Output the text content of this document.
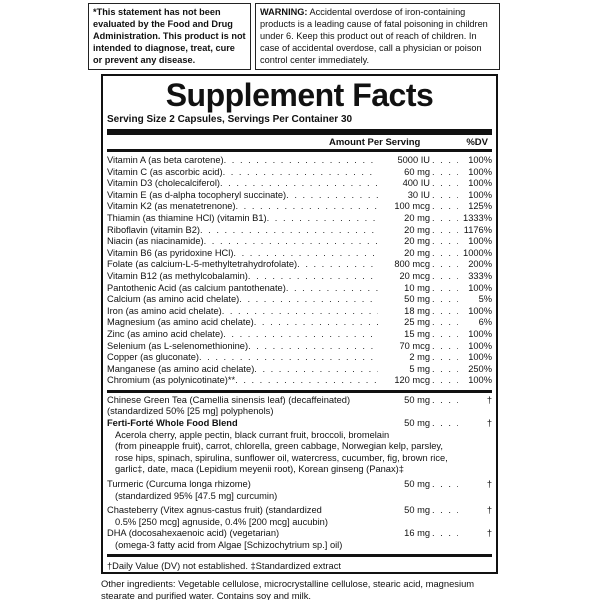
*This statement has not been evaluated by the Food and Drug Administration. This product is not intended to diagnose, treat, cure or prevent any disease.
WARNING: Accidental overdose of iron-containing products is a leading cause of fatal poisoning in children under 6. Keep this product out of reach of children. In case of accidental overdose, call a physician or poison control center immediately.
Supplement Facts
Serving Size 2 Capsules, Servings Per Container 30
Amount Per Serving	%DV
Vitamin A (as beta carotene) . . .	5000 IU . . .	100%
Vitamin C (as ascorbic acid) . . .	60 mg . . .	100%
Vitamin D3 (cholecalciferol) . . .	400 IU . . .	100%
Vitamin E (as d-alpha tocopheryl succinate) . . .	30 IU . . .	100%
Vitamin K2 (as menatetrenone) . . .	100 mcg . . .	125%
Thiamin (as thiamine HCl) (vitamin B1) . . .	20 mg . . .	1333%
Riboflavin (vitamin B2) . . .	20 mg . . .	1176%
Niacin (as niacinamide) . . .	20 mg . . .	100%
Vitamin B6 (as pyridoxine HCl) . . .	20 mg . . .	1000%
Folate (as calcium-L-5-methyltetrahydrofolate) . . .	800 mcg . . .	200%
Vitamin B12 (as methylcobalamin) . . .	20 mcg . . .	333%
Pantothenic Acid (as calcium pantothenate) . . .	10 mg . . .	100%
Calcium (as amino acid chelate) . . .	50 mg . . .	5%
Iron (as amino acid chelate) . . .	18 mg . . .	100%
Magnesium (as amino acid chelate) . . .	25 mg . . .	6%
Zinc (as amino acid chelate) . . .	15 mg . . .	100%
Selenium (as L-selenomethionine) . . .	70 mcg . . .	100%
Copper (as gluconate) . . .	2 mg . . .	100%
Manganese (as amino acid chelate) . . .	5 mg . . .	250%
Chromium (as polynicotinate)** . . .	120 mcg . . .	100%
Chinese Green Tea (Camellia sinensis leaf) (decaffeinated)	50 mg . . .	†
(standardized 50% [25 mg] polyphenols)
Ferti-Forté Whole Food Blend	50 mg . . .	†
Acerola cherry, apple pectin, black currant fruit, broccoli, bromelain
(from pineapple fruit), carrot, chlorella, green cabbage, Norwegian kelp, parsley,
rose hips, spinach, spirulina, sunflower oil, watercress, cucumber, fig, brown rice,
garlic‡, date, maca (Lepidium meyenii root), Korean ginseng (Panax)‡
Turmeric (Curcuma longa rhizome)	50 mg . . .	†
(standardized 95% [47.5 mg] curcumin)
Chasteberry (Vitex agnus-castus fruit) (standardized	50 mg . . .	†
0.5% [250 mcg] agnuside, 0.4% [200 mcg] aucubin)
DHA (docosahexaenoic acid) (vegetarian)	16 mg . . .	†
(omega-3 fatty acid from Algae [Schizochytrium sp.] oil)
†Daily Value (DV) not established. ‡Standardized extract
Other ingredients: Vegetable cellulose, microcrystalline cellulose, stearic acid, magnesium stearate and purified water. Contains soy and milk.
